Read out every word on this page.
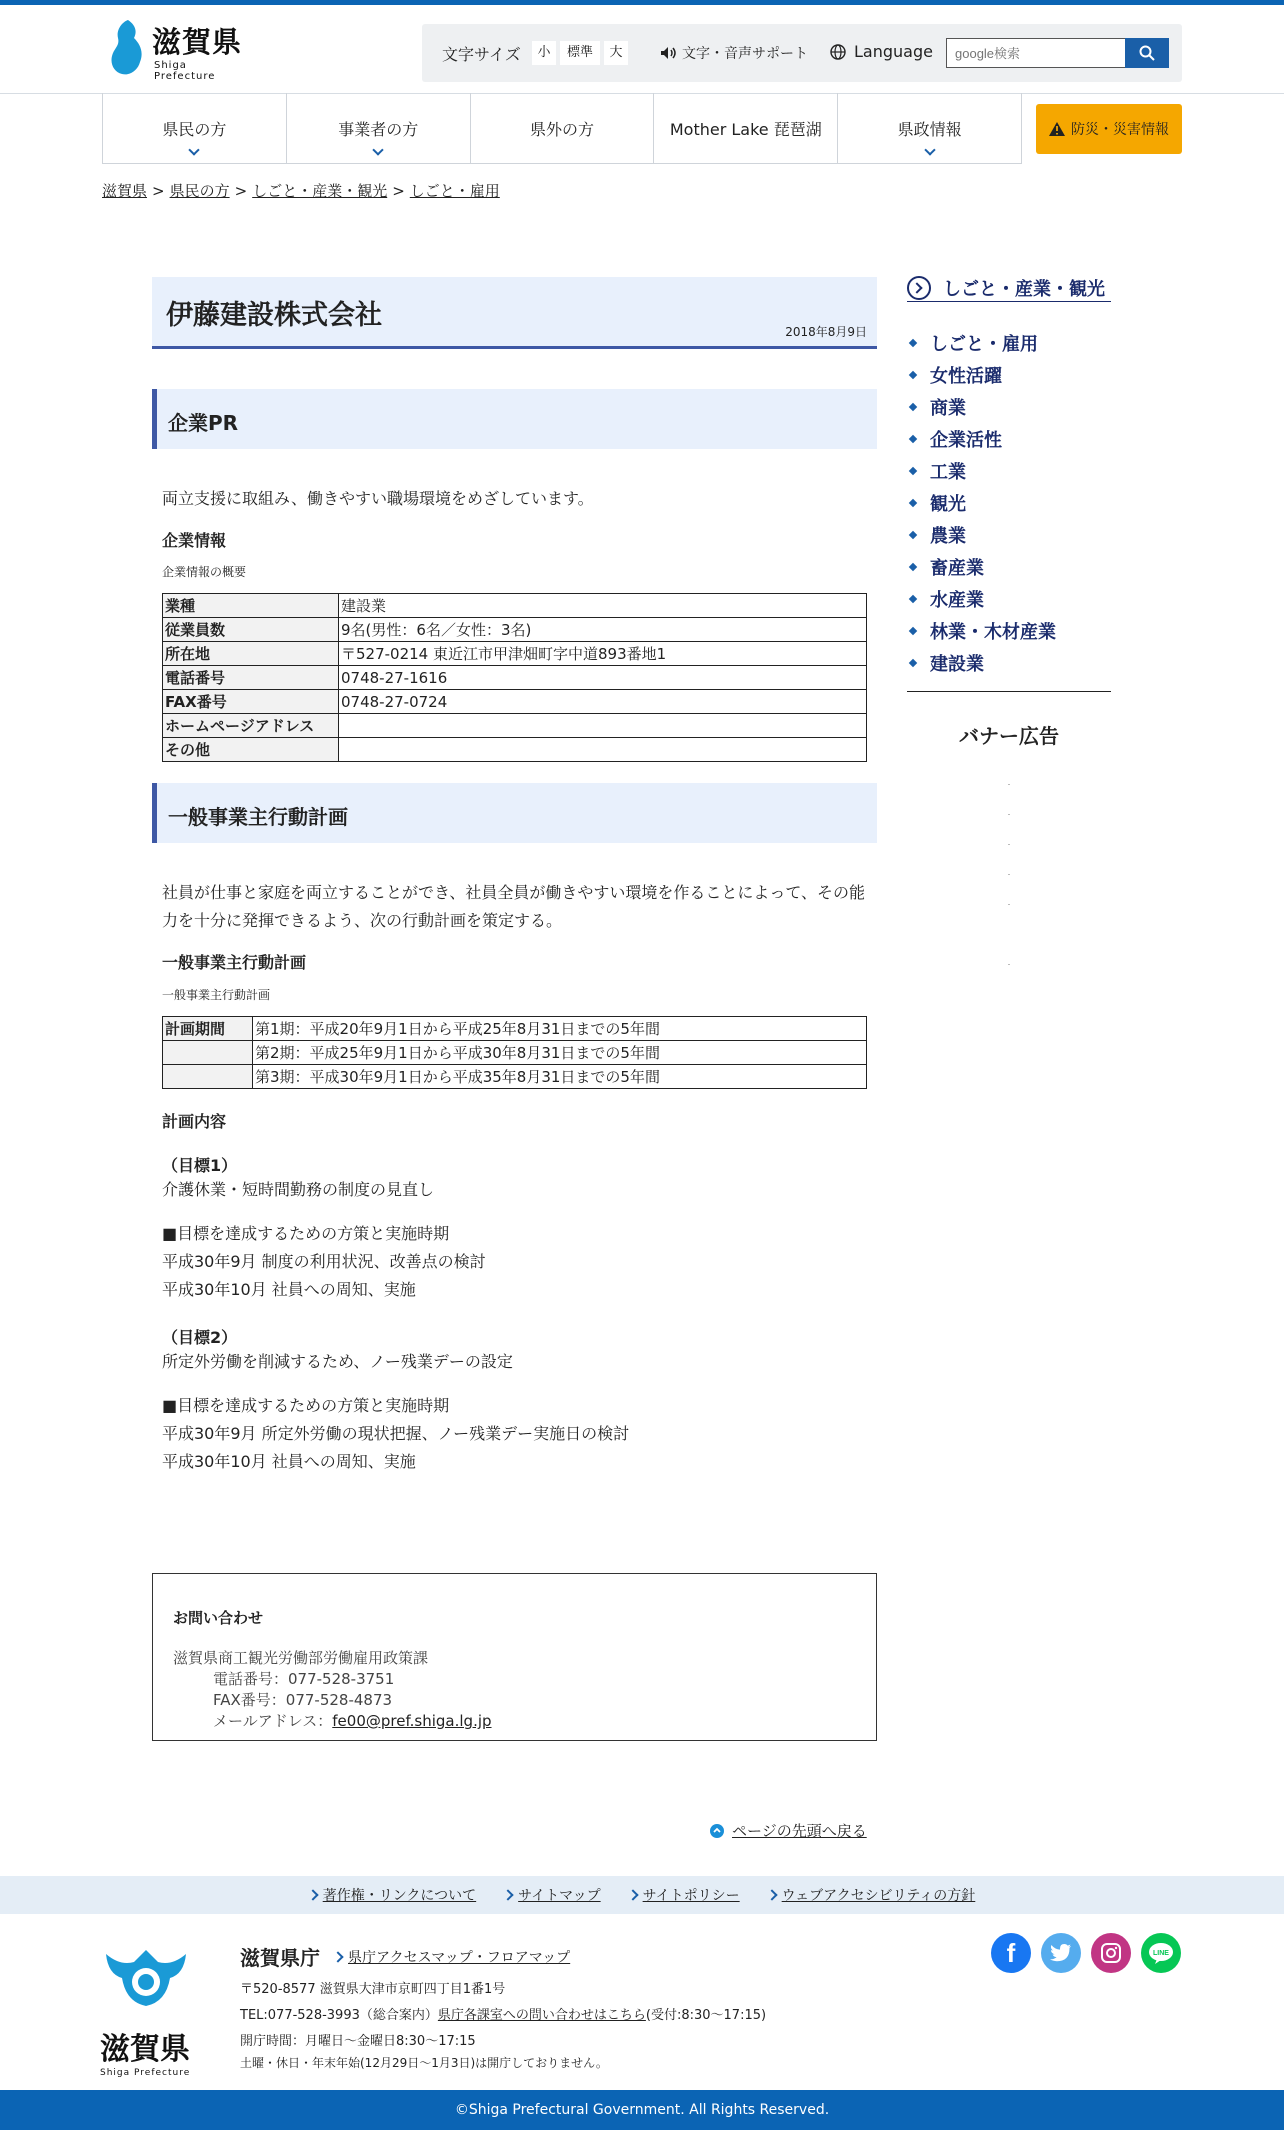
滋賀県
Shiga Prefecture
文字サイズ	小	標準	大	文字・音声サポート	Language
google検索
県民の方	事業者の方	県外の方	Mother Lake 琵琶湖	県政情報	防災・災害情報
滋賀県 > 県民の方 > しごと・産業・観光 > しごと・雇用
伊藤建設株式会社
2018年8月9日
企業PR
両立支援に取組み、働きやすい職場環境をめざしています。
企業情報
企業情報の概要
業種	建設業
従業員数	9名(男性：6名／女性：3名)
所在地	〒527-0214 東近江市甲津畑町字中道893番地1
電話番号	0748-27-1616
FAX番号	0748-27-0724
ホームページアドレス	
その他	
一般事業主行動計画
社員が仕事と家庭を両立することができ、社員全員が働きやすい環境を作ることによって、その能
力を十分に発揮できるよう、次の行動計画を策定する。
一般事業主行動計画
一般事業主行動計画
計画期間	第1期：平成20年9月1日から平成25年8月31日までの5年間
	第2期：平成25年9月1日から平成30年8月31日までの5年間
	第3期：平成30年9月1日から平成35年8月31日までの5年間
計画内容
（目標1）
介護休業・短時間勤務の制度の見直し
■目標を達成するための方策と実施時期
平成30年9月 制度の利用状況、改善点の検討
平成30年10月 社員への周知、実施
（目標2）
所定外労働を削減するため、ノー残業デーの設定
■目標を達成するための方策と実施時期
平成30年9月 所定外労働の現状把握、ノー残業デー実施日の検討
平成30年10月 社員への周知、実施
お問い合わせ
滋賀県商工観光労働部労働雇用政策課
電話番号：077-528-3751
FAX番号：077-528-4873
メールアドレス：fe00@pref.shiga.lg.jp
ページの先頭へ戻る
しごと・産業・観光
しごと・雇用
女性活躍
商業
企業活性
工業
観光
農業
畜産業
水産業
林業・木材産業
建設業
バナー広告
著作権・リンクについて	サイトマップ	サイトポリシー	ウェブアクセシビリティの方針
滋賀県
Shiga Prefecture
滋賀県庁	県庁アクセスマップ・フロアマップ
〒520-8577 滋賀県大津市京町四丁目1番1号
TEL:077-528-3993（総合案内）県庁各課室への問い合わせはこちら(受付:8:30～17:15)
開庁時間：月曜日～金曜日8:30～17:15
土曜・休日・年末年始(12月29日～1月3日)は開庁しておりません。
f	LINE
©Shiga Prefectural Government. All Rights Reserved.
